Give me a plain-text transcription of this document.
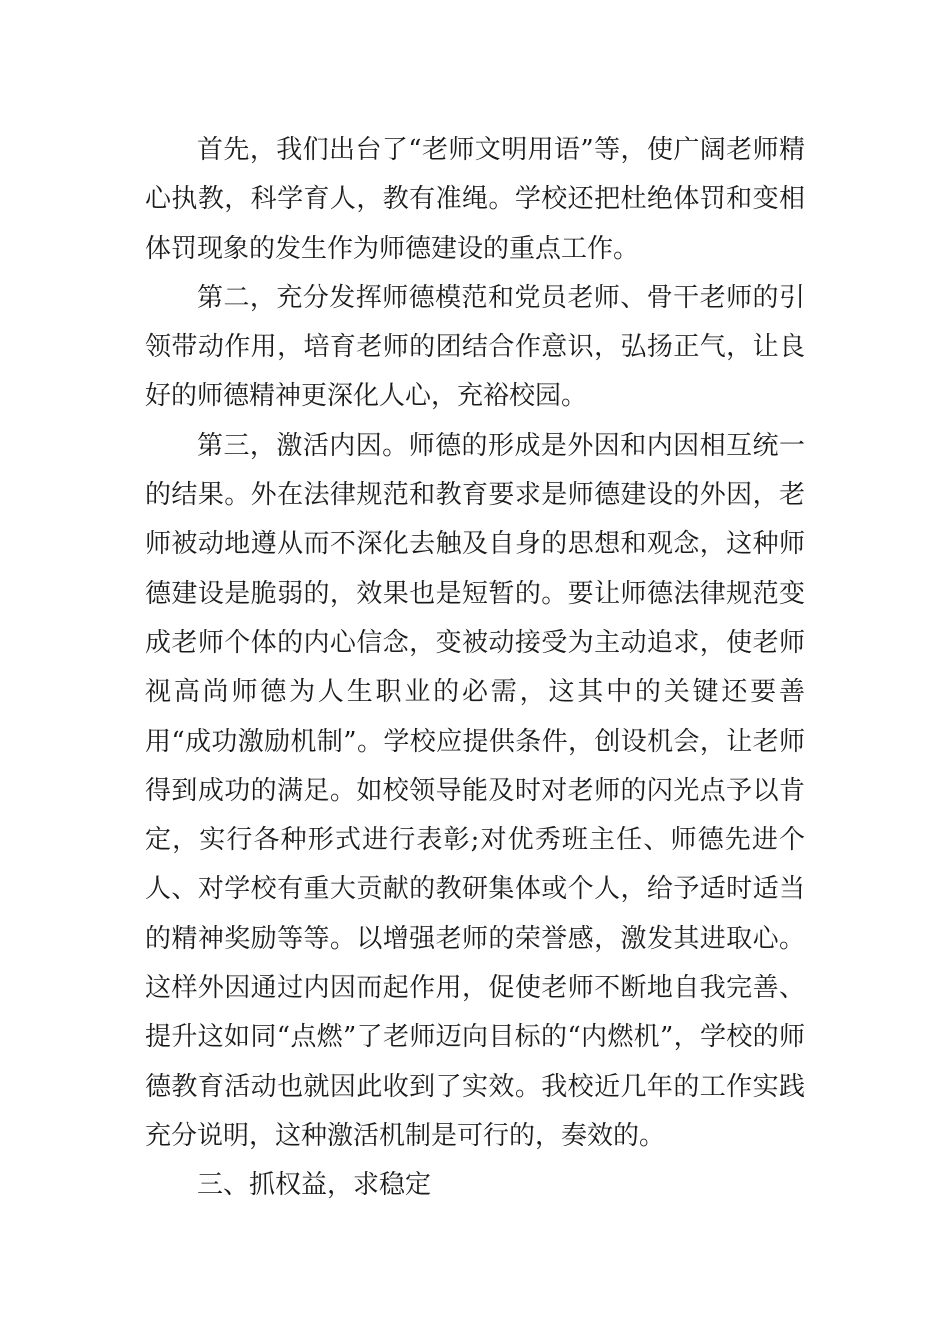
首先，我们出台了“老师文明用语”等，使广阔老师精心执教，科学育人，教有准绳。学校还把杜绝体罚和变相体罚现象的发生作为师德建设的重点工作。

第二，充分发挥师德模范和党员老师、骨干老师的引领带动作用，培育老师的团结合作意识，弘扬正气，让良好的师德精神更深化人心，充裕校园。

第三，激活内因。师德的形成是外因和内因相互统一的结果。外在法律规范和教育要求是师德建设的外因，老师被动地遵从而不深化去触及自身的思想和观念，这种师德建设是脆弱的，效果也是短暂的。要让师德法律规范变成老师个体的内心信念，变被动接受为主动追求，使老师视高尚师德为人生职业的必需，这其中的关键还要善用“成功激励机制”。学校应提供条件，创设机会，让老师得到成功的满足。如校领导能及时对老师的闪光点予以肯定，实行各种形式进行表彰;对优秀班主任、师德先进个人、对学校有重大贡献的教研集体或个人，给予适时适当的精神奖励等等。以增强老师的荣誉感，激发其进取心。这样外因通过内因而起作用，促使老师不断地自我完善、提升这如同“点燃”了老师迈向目标的“内燃机”，学校的师德教育活动也就因此收到了实效。我校近几年的工作实践充分说明，这种激活机制是可行的，奏效的。

三、抓权益，求稳定
